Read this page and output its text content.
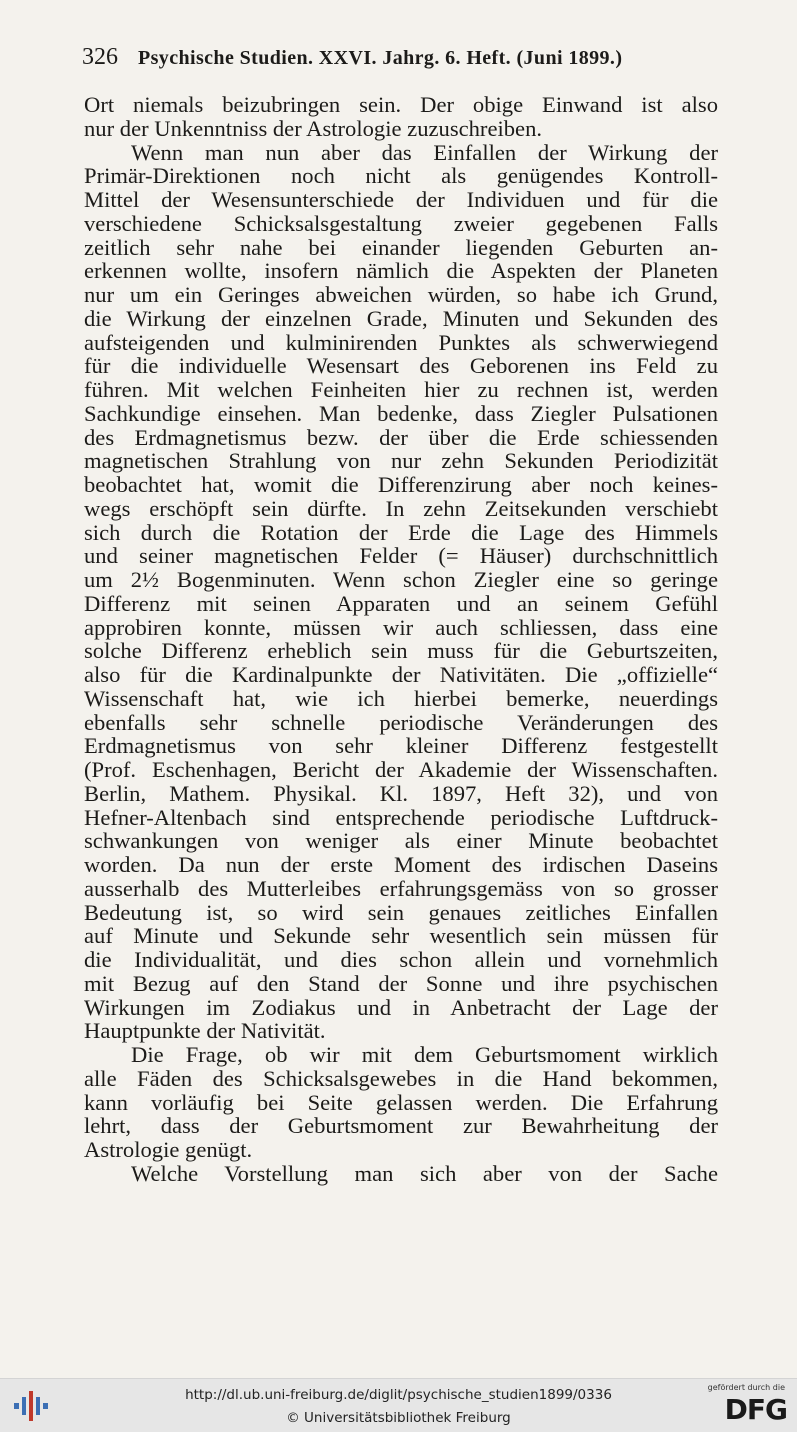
326 Psychische Studien. XXVI. Jahrg. 6. Heft. (Juni 1899.)
Ort niemals beizubringen sein. Der obige Einwand ist also
nur der Unkenntniss der Astrologie zuzuschreiben.
Wenn man nun aber das Einfallen der Wirkung der
Primär-Direktionen noch nicht als genügendes Kontroll-
Mittel der Wesensunterschiede der Individuen und für die
verschiedene Schicksalsgestaltung zweier gegebenen Falls
zeitlich sehr nahe bei einander liegenden Geburten an-
erkennen wollte, insofern nämlich die Aspekten der Planeten
nur um ein Geringes abweichen würden, so habe ich Grund,
die Wirkung der einzelnen Grade, Minuten und Sekunden des
aufsteigenden und kulminirenden Punktes als schwerwiegend
für die individuelle Wesensart des Geborenen ins Feld zu
führen. Mit welchen Feinheiten hier zu rechnen ist, werden
Sachkundige einsehen. Man bedenke, dass Ziegler Pulsationen
des Erdmagnetismus bezw. der über die Erde schiessenden
magnetischen Strahlung von nur zehn Sekunden Periodizität
beobachtet hat, womit die Differenzirung aber noch keines-
wegs erschöpft sein dürfte. In zehn Zeitsekunden verschiebt
sich durch die Rotation der Erde die Lage des Himmels
und seiner magnetischen Felder (= Häuser) durchschnittlich
um 2½ Bogenminuten. Wenn schon Ziegler eine so geringe
Differenz mit seinen Apparaten und an seinem Gefühl
approbiren konnte, müssen wir auch schliessen, dass eine
solche Differenz erheblich sein muss für die Geburtszeiten,
also für die Kardinalpunkte der Nativitäten. Die „offizielle“
Wissenschaft hat, wie ich hierbei bemerke, neuerdings
ebenfalls sehr schnelle periodische Veränderungen des
Erdmagnetismus von sehr kleiner Differenz festgestellt
(Prof. Eschenhagen, Bericht der Akademie der Wissenschaften.
Berlin, Mathem. Physikal. Kl. 1897, Heft 32), und von
Hefner-Altenbach sind entsprechende periodische Luftdruck-
schwankungen von weniger als einer Minute beobachtet
worden. Da nun der erste Moment des irdischen Daseins
ausserhalb des Mutterleibes erfahrungsgemäss von so grosser
Bedeutung ist, so wird sein genaues zeitliches Einfallen
auf Minute und Sekunde sehr wesentlich sein müssen für
die Individualität, und dies schon allein und vornehmlich
mit Bezug auf den Stand der Sonne und ihre psychischen
Wirkungen im Zodiakus und in Anbetracht der Lage der
Hauptpunkte der Nativität.
Die Frage, ob wir mit dem Geburtsmoment wirklich
alle Fäden des Schicksalsgewebes in die Hand bekommen,
kann vorläufig bei Seite gelassen werden. Die Erfahrung
lehrt, dass der Geburtsmoment zur Bewahrheitung der
Astrologie genügt.
Welche Vorstellung man sich aber von der Sache
http://dl.ub.uni-freiburg.de/diglit/psychische_studien1899/0336
© Universitätsbibliothek Freiburg
gefördert durch die
DFG
